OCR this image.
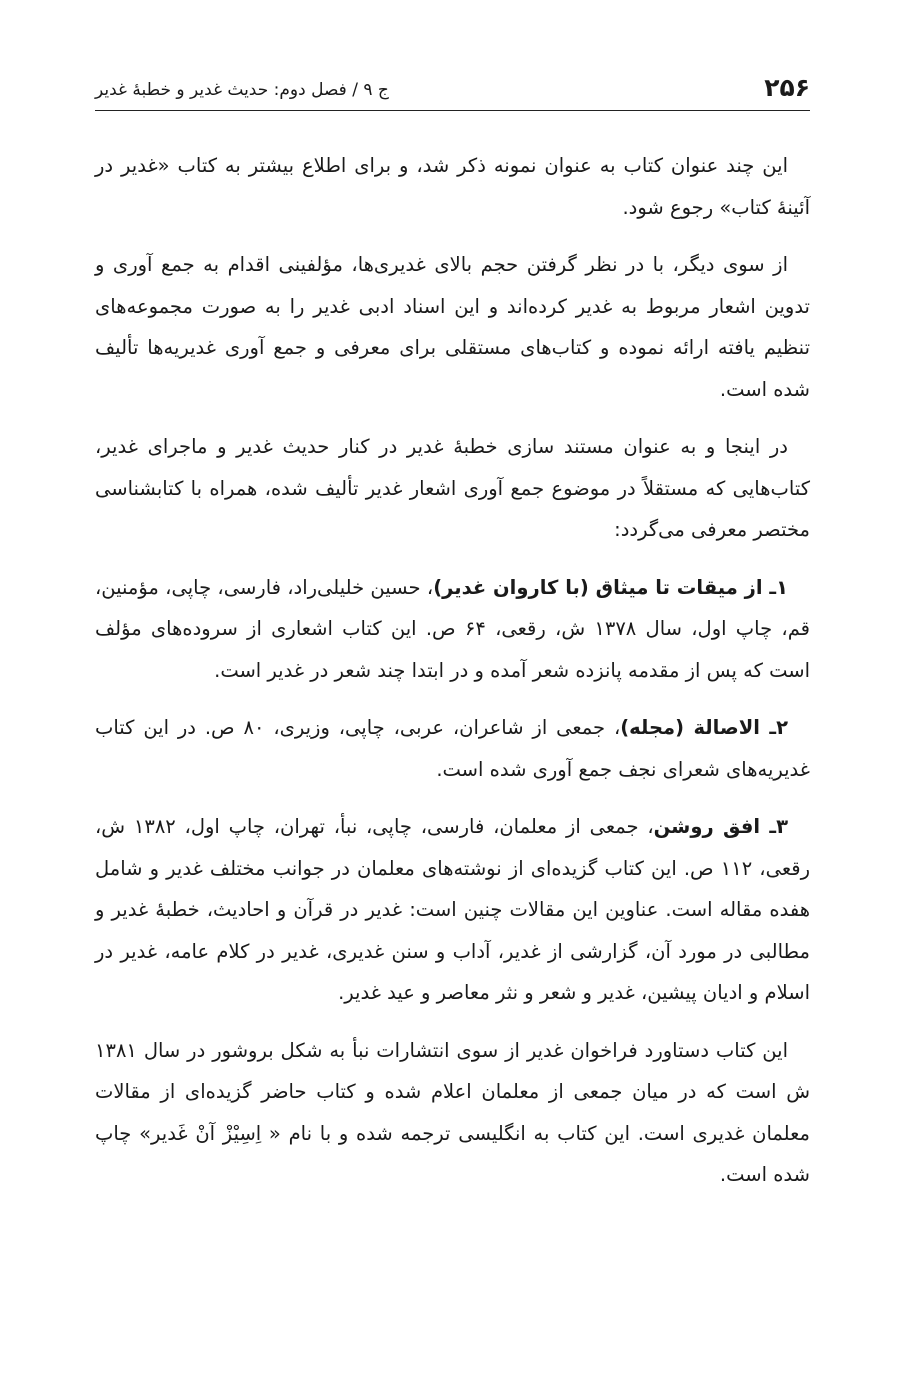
۲۵۶
ج ۹ / فصل دوم: حدیث غدیر و خطبهٔ غدیر

این چند عنوان کتاب به عنوان نمونه ذکر شد، و برای اطلاع بیشتر به کتاب «غدیر در آئینهٔ کتاب» رجوع شود.

از سوی دیگر، با در نظر گرفتن حجم بالای غدیری‌ها، مؤلفینی اقدام به جمع آوری و تدوین اشعار مربوط به غدیر کرده‌اند و این اسناد ادبی غدیر را به صورت مجموعه‌های تنظیم یافته ارائه نموده و کتاب‌های مستقلی برای معرفی و جمع آوری غدیریه‌ها تألیف شده است.

در اینجا و به عنوان مستند سازی خطبهٔ غدیر در کنار حدیث غدیر و ماجرای غدیر، کتاب‌هایی که مستقلاً در موضوع جمع آوری اشعار غدیر تألیف شده، همراه با کتابشناسی مختصر معرفی می‌گردد:

۱ـ از میقات تا میثاق (با کاروان غدیر)، حسین خلیلی‌راد، فارسی، چاپی، مؤمنین، قم، چاپ اول، سال ۱۳۷۸ ش، رقعی، ۶۴ ص. این کتاب اشعاری از سروده‌های مؤلف است که پس از مقدمه پانزده شعر آمده و در ابتدا چند شعر در غدیر است.

۲ـ الاصالة (مجله)، جمعی از شاعران، عربی، چاپی، وزیری، ۸۰ ص. در این کتاب غدیریه‌های شعرای نجف جمع آوری شده است.

۳ـ افق روشن، جمعی از معلمان، فارسی، چاپی، نبأ، تهران، چاپ اول، ۱۳۸۲ ش، رقعی، ۱۱۲ ص. این کتاب گزیده‌ای از نوشته‌های معلمان در جوانب مختلف غدیر و شامل هفده مقاله است. عناوین این مقالات چنین است: غدیر در قرآن و احادیث، خطبهٔ غدیر و مطالبی در مورد آن، گزارشی از غدیر، آداب و سنن غدیری، غدیر در کلام عامه، غدیر در اسلام و ادیان پیشین، غدیر و شعر و نثر معاصر و عید غدیر.

این کتاب دستاورد فراخوان غدیر از سوی انتشارات نبأ به شکل بروشور در سال ۱۳۸۱ ش است که در میان جمعی از معلمان اعلام شده و کتاب حاضر گزیده‌ای از مقالات معلمان غدیری است. این کتاب به انگلیسی ترجمه شده و با نام « اِسِیْزْ آنْ غَدیر» چاپ شده است.
